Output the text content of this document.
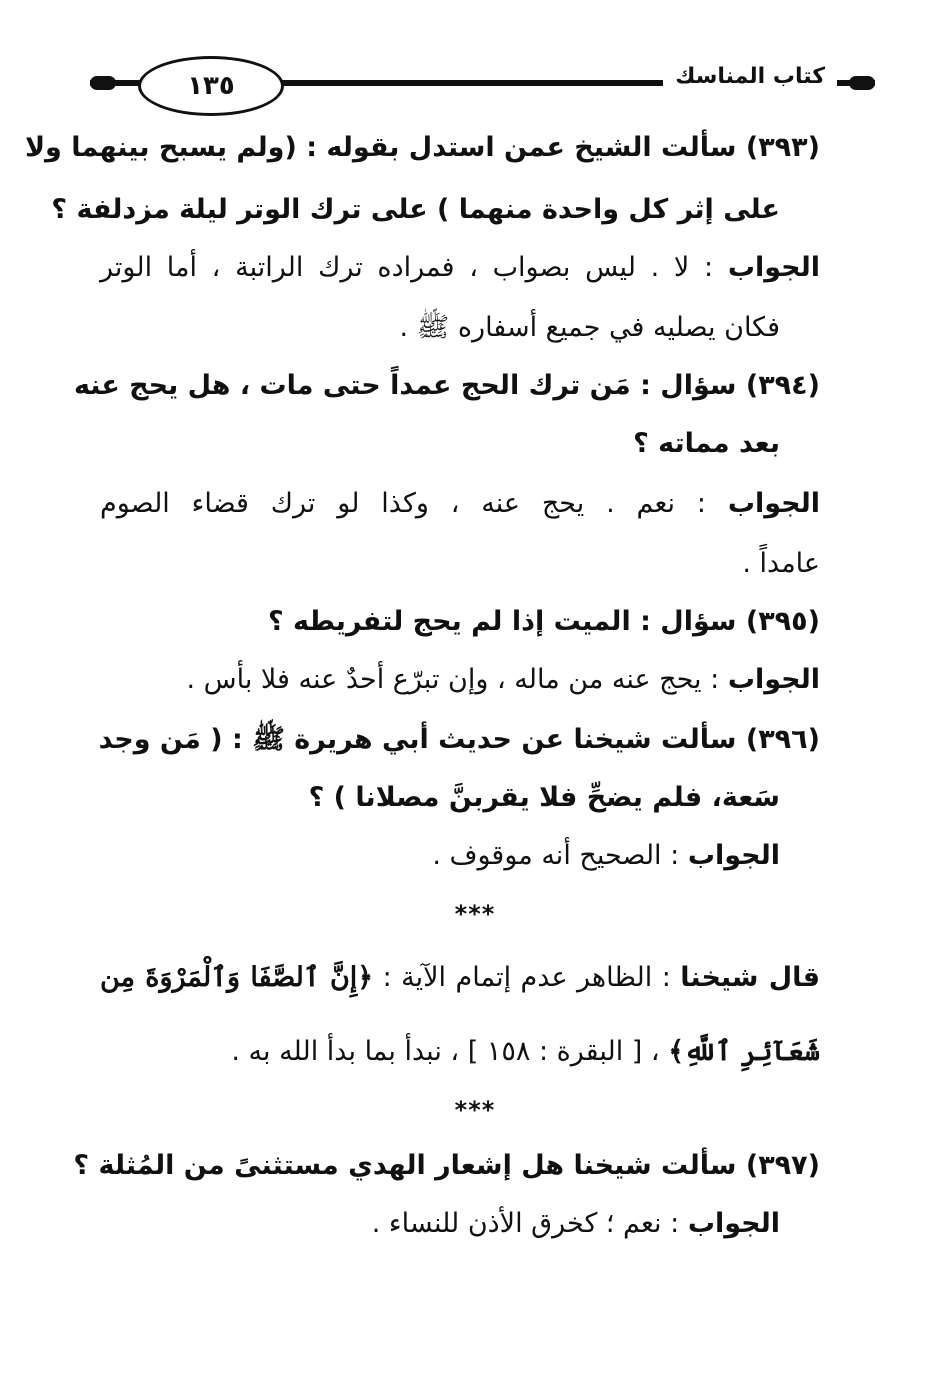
١٣٥	كتاب المناسك
(٣٩٣) سألت الشيخ عمن استدل بقوله : (ولم يسبح بينهما ولا
على إثر كل واحدة منهما ) على ترك الوتر ليلة مزدلفة ؟
الجواب : لا . ليس بصواب ، فمراده ترك الراتبة ، أما الوتر
فكان يصليه في جميع أسفاره ﷺ .
(٣٩٤) سؤال : مَن ترك الحج عمداً حتى مات ، هل يحج عنه
بعد مماته ؟
الجواب : نعم . يحج عنه ، وكذا لو ترك قضاء الصوم
عامداً .
(٣٩٥) سؤال : الميت إذا لم يحج لتفريطه ؟
الجواب : يحج عنه من ماله ، وإن تبرّع أحدٌ عنه فلا بأس .
(٣٩٦) سألت شيخنا عن حديث أبي هريرة ﷺ : ( مَن وجد
سَعة، فلم يضحِّ فلا يقربنَّ مصلانا ) ؟
الجواب : الصحيح أنه موقوف .
***
قال شيخنا : الظاهر عدم إتمام الآية : ﴿إِنَّ ٱلصَّفَا وَٱلْمَرْوَةَ مِن
شَعَآئِرِ ٱللَّهِ﴾ ، [ البقرة : ١٥٨ ] ، نبدأ بما بدأ الله به .
***
(٣٩٧) سألت شيخنا هل إشعار الهدي مستثنىً من المُثلة ؟
الجواب : نعم ؛ كخرق الأذن للنساء .
